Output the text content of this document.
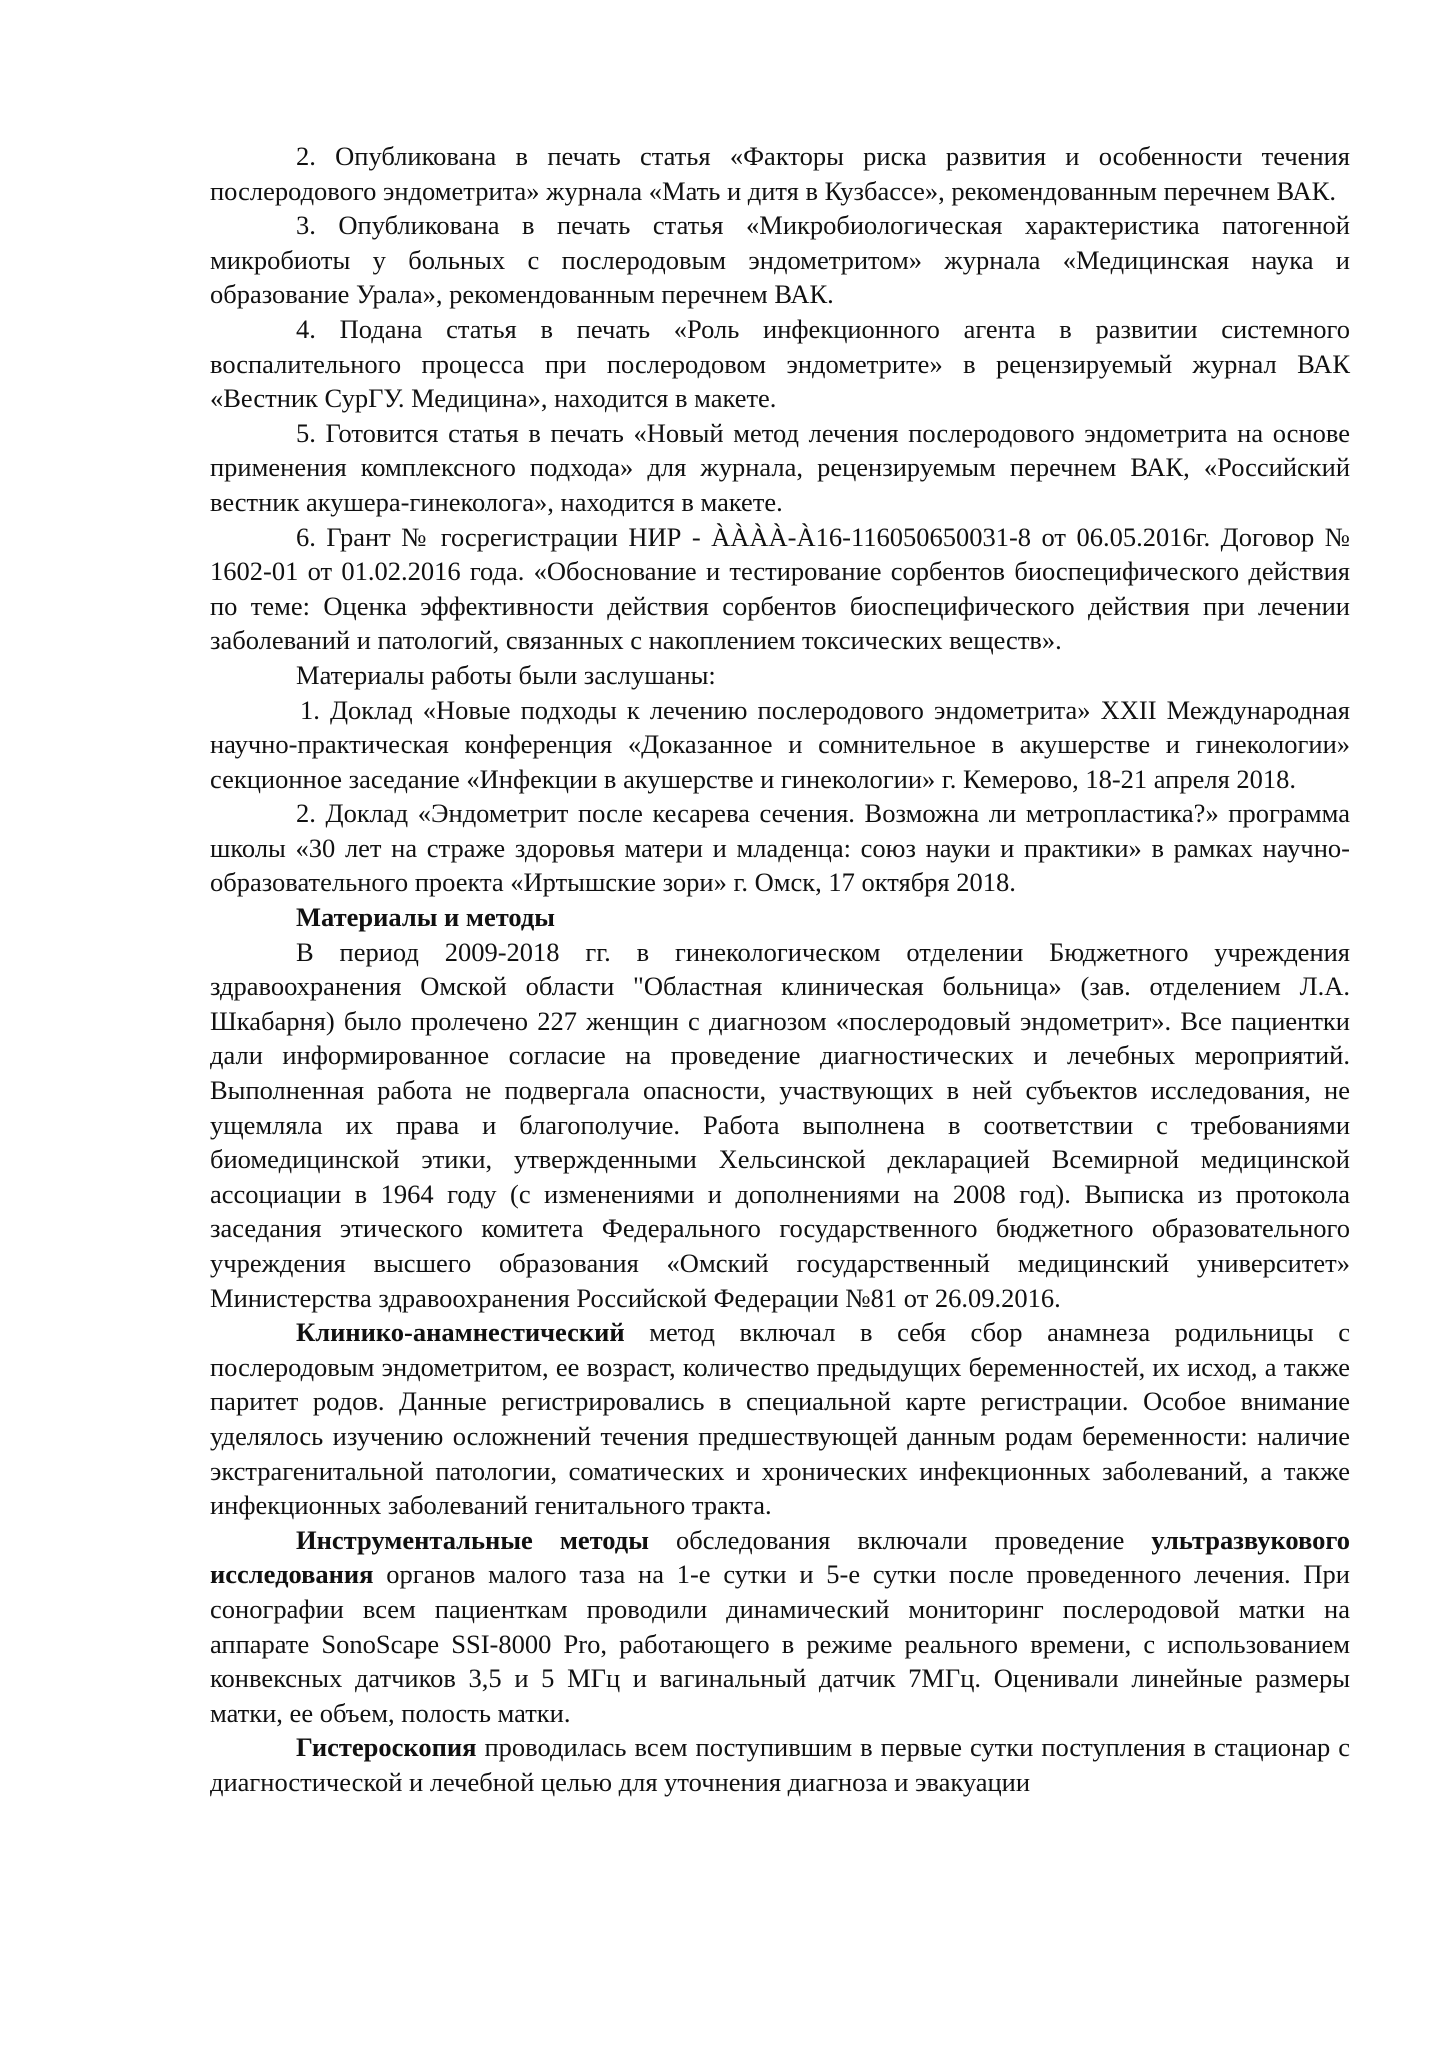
2. Опубликована в печать статья «Факторы риска развития и особенности течения послеродового эндометрита» журнала «Мать и дитя в Кузбассе», рекомендованным перечнем ВАК.

3. Опубликована в печать статья «Микробиологическая характеристика патогенной микробиоты у больных с послеродовым эндометритом» журнала «Медицинская наука и образование Урала», рекомендованным перечнем ВАК.

4. Подана статья в печать «Роль инфекционного агента в развитии системного воспалительного процесса при послеродовом эндометрите» в рецензируемый журнал ВАК «Вестник СурГУ. Медицина», находится в макете.

5. Готовится статья в печать «Новый метод лечения послеродового эндометрита на основе применения комплексного подхода» для журнала, рецензируемым перечнем ВАК, «Российский вестник акушера-гинеколога», находится в макете.

6. Грант № госрегистрации НИР - ÀÀÀÀ-À16-116050650031-8 от 06.05.2016г. Договор № 1602-01 от 01.02.2016 года. «Обоснование и тестирование сорбентов биоспецифического действия по теме: Оценка эффективности действия сорбентов биоспецифического действия при лечении заболеваний и патологий, связанных с накоплением токсических веществ».

Материалы работы были заслушаны:

1. Доклад «Новые подходы к лечению послеродового эндометрита» XXII Международная научно-практическая конференция «Доказанное и сомнительное в акушерстве и гинекологии» секционное заседание «Инфекции в акушерстве и гинекологии» г. Кемерово, 18-21 апреля 2018.

2. Доклад «Эндометрит после кесарева сечения. Возможна ли метропластика?» программа школы «30 лет на страже здоровья матери и младенца: союз науки и практики» в рамках научно-образовательного проекта «Иртышские зори» г. Омск, 17 октября 2018.

Материалы и методы

В период 2009-2018 гг. в гинекологическом отделении Бюджетного учреждения здравоохранения Омской области "Областная клиническая больница» (зав. отделением Л.А. Шкабарня) было пролечено 227 женщин с диагнозом «послеродовый эндометрит». Все пациентки дали информированное согласие на проведение диагностических и лечебных мероприятий. Выполненная работа не подвергала опасности, участвующих в ней субъектов исследования, не ущемляла их права и благополучие. Работа выполнена в соответствии с требованиями биомедицинской этики, утвержденными Хельсинской декларацией Всемирной медицинской ассоциации в 1964 году (с изменениями и дополнениями на 2008 год). Выписка из протокола заседания этического комитета Федерального государственного бюджетного образовательного учреждения высшего образования «Омский государственный медицинский университет» Министерства здравоохранения Российской Федерации №81 от 26.09.2016.

Клинико-анамнестический метод включал в себя сбор анамнеза родильницы с послеродовым эндометритом, ее возраст, количество предыдущих беременностей, их исход, а также паритет родов. Данные регистрировались в специальной карте регистрации. Особое внимание уделялось изучению осложнений течения предшествующей данным родам беременности: наличие экстрагенитальной патологии, соматических и хронических инфекционных заболеваний, а также инфекционных заболеваний генитального тракта.

Инструментальные методы обследования включали проведение ультразвукового исследования органов малого таза на 1-е сутки и 5-е сутки после проведенного лечения. При сонографии всем пациенткам проводили динамический мониторинг послеродовой матки на аппарате SonoScape SSI-8000 Pro, работающего в режиме реального времени, с использованием конвексных датчиков 3,5 и 5 МГц и вагинальный датчик 7МГц. Оценивали линейные размеры матки, ее объем, полость матки.

Гистероскопия проводилась всем поступившим в первые сутки поступления в стационар с диагностической и лечебной целью для уточнения диагноза и эвакуации
